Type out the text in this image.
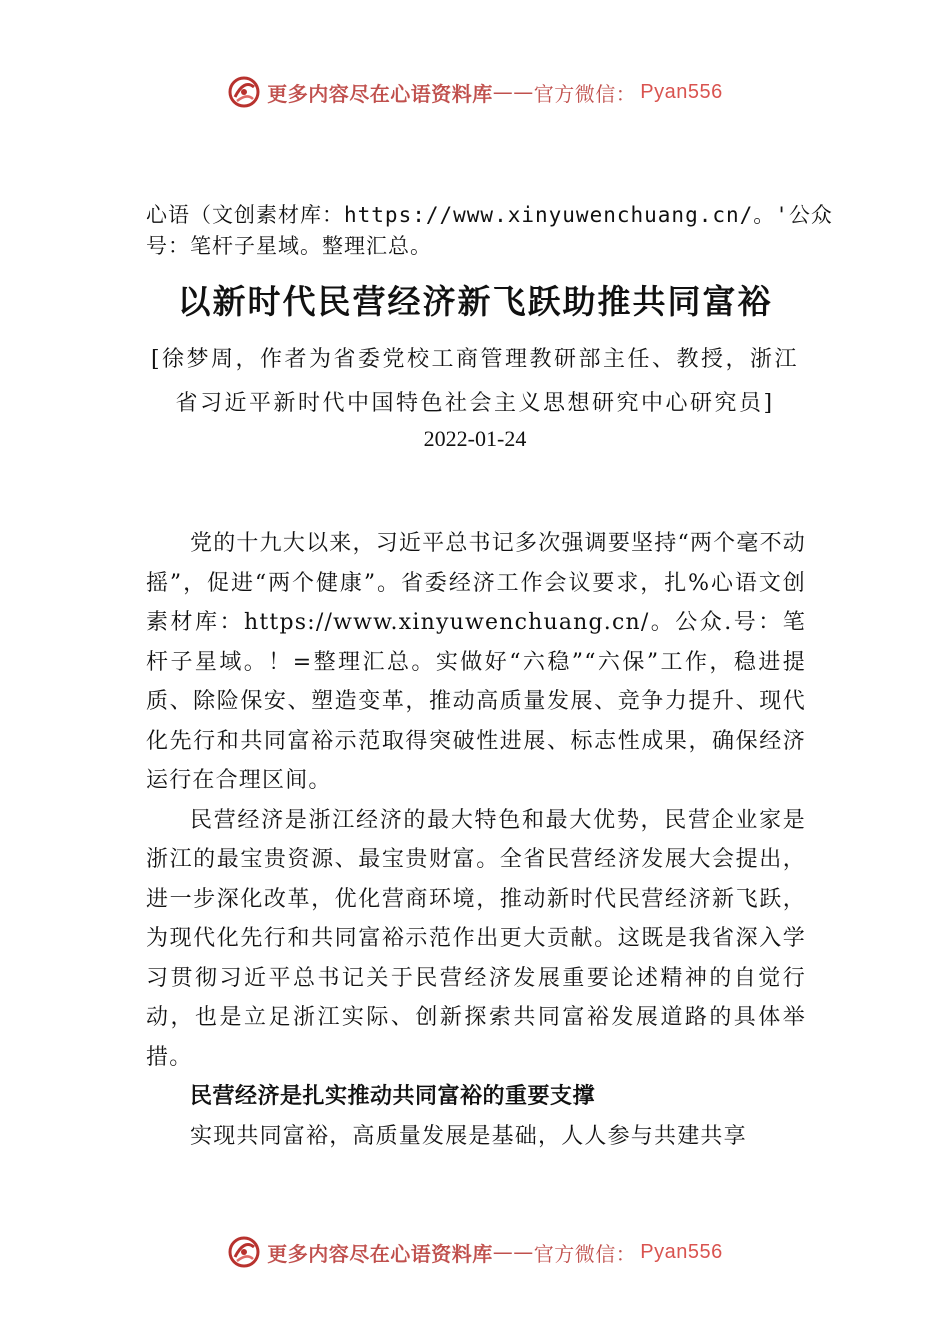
更多内容尽在心语资料库 —— 官方微信： Pyan556
心语（文创素材库：https://www.xinyuwenchuang.cn/。'公众号：笔杆子星域。整理汇总。
以新时代民营经济新飞跃助推共同富裕
[徐梦周，作者为省委党校工商管理教研部主任、教授，浙江省习近平新时代中国特色社会主义思想研究中心研究员]
2022-01-24

党的十九大以来，习近平总书记多次强调要坚持“两个毫不动摇”，促进“两个健康”。省委经济工作会议要求，扎%心语文创素材库：https://www.xinyuwenchuang.cn/。公众.号：笔杆子星域。！=整理汇总。实做好“六稳”“六保”工作，稳进提质、除险保安、塑造变革，推动高质量发展、竞争力提升、现代化先行和共同富裕示范取得突破性进展、标志性成果，确保经济运行在合理区间。

民营经济是浙江经济的最大特色和最大优势，民营企业家是浙江的最宝贵资源、最宝贵财富。全省民营经济发展大会提出，进一步深化改革，优化营商环境，推动新时代民营经济新飞跃，为现代化先行和共同富裕示范作出更大贡献。这既是我省深入学习贯彻习近平总书记关于民营经济发展重要论述精神的自觉行动，也是立足浙江实际、创新探索共同富裕发展道路的具体举措。

民营经济是扎实推动共同富裕的重要支撑

实现共同富裕，高质量发展是基础，人人参与共建共享

更多内容尽在心语资料库 —— 官方微信： Pyan556
